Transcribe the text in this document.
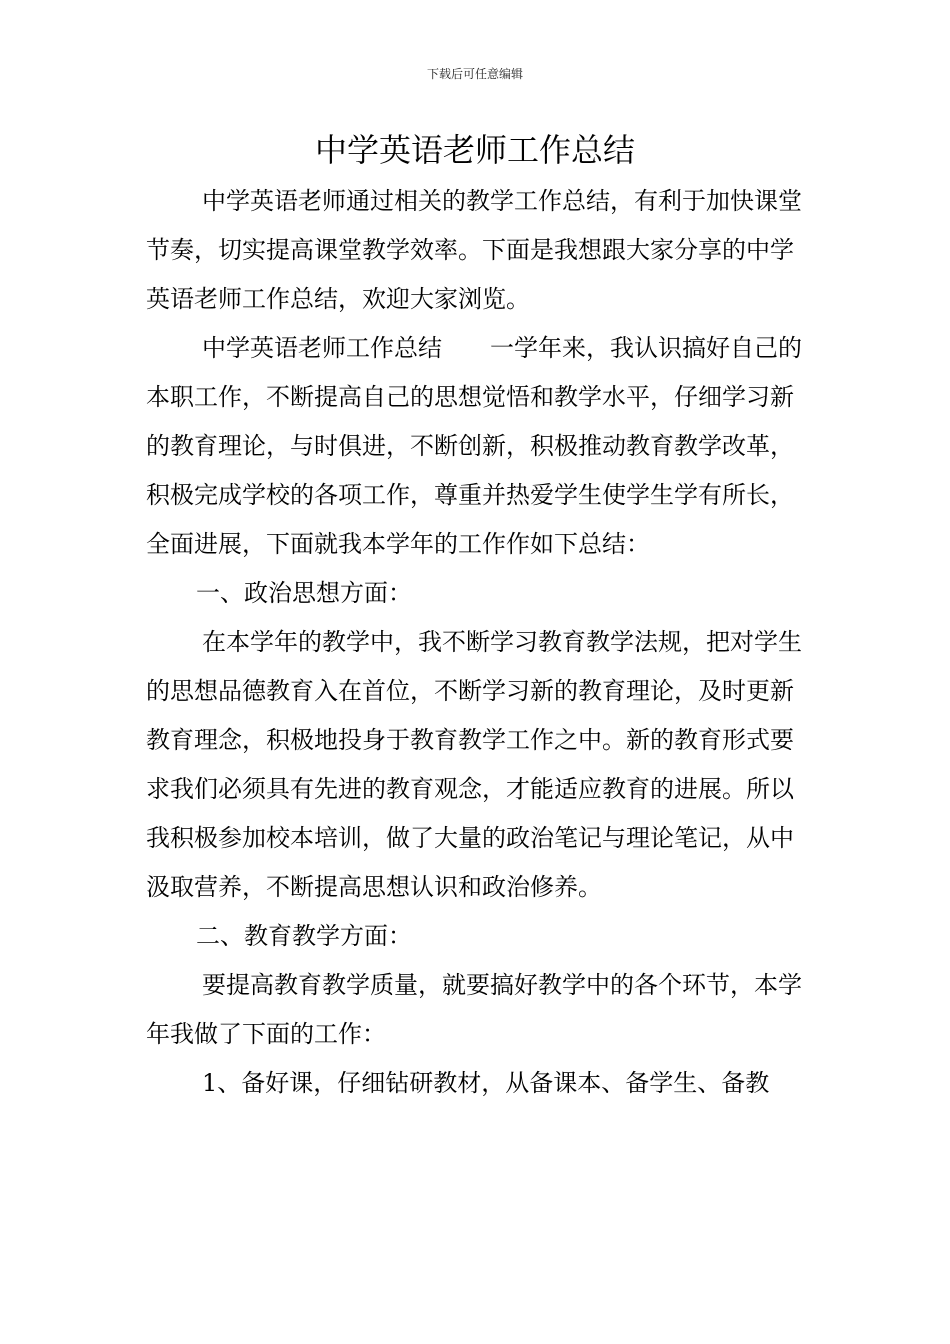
下载后可任意编辑
中学英语老师工作总结

中学英语老师通过相关的教学工作总结，有利于加快课堂节奏，切实提高课堂教学效率。下面是我想跟大家分享的中学英语老师工作总结，欢迎大家浏览。

中学英语老师工作总结　　一学年来，我认识搞好自己的本职工作，不断提高自己的思想觉悟和教学水平，仔细学习新的教育理论，与时俱进，不断创新，积极推动教育教学改革，积极完成学校的各项工作，尊重并热爱学生使学生学有所长，全面进展，下面就我本学年的工作作如下总结：

一、政治思想方面：

在本学年的教学中，我不断学习教育教学法规，把对学生的思想品德教育入在首位，不断学习新的教育理论，及时更新教育理念，积极地投身于教育教学工作之中。新的教育形式要求我们必须具有先进的教育观念，才能适应教育的进展。所以我积极参加校本培训，做了大量的政治笔记与理论笔记，从中汲取营养，不断提高思想认识和政治修养。

二、教育教学方面：

要提高教育教学质量，就要搞好教学中的各个环节，本学年我做了下面的工作：

1、备好课，仔细钻研教材，从备课本、备学生、备教
